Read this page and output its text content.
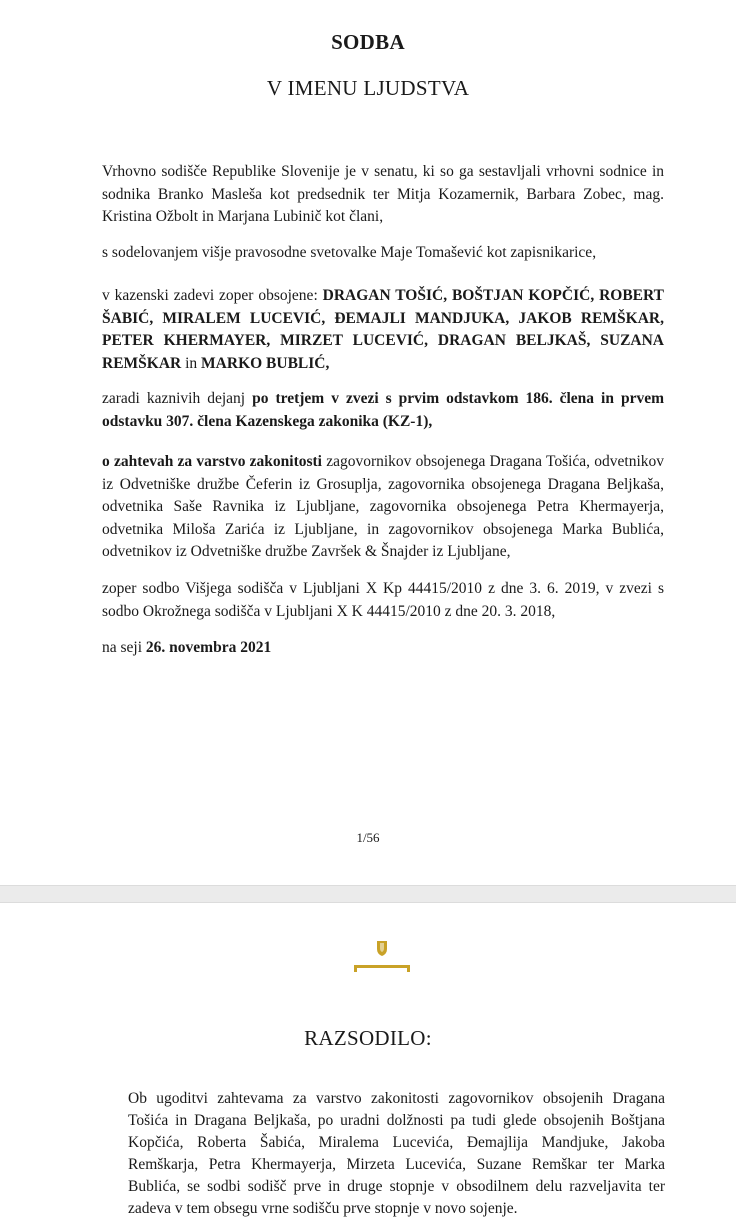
SODBA
V IMENU LJUDSTVA

Vrhovno sodišče Republike Slovenije je v senatu, ki so ga sestavljali vrhovni sodnice in sodnika Branko Masleša kot predsednik ter Mitja Kozamernik, Barbara Zobec, mag. Kristina Ožbolt in Marjana Lubinič kot člani,

s sodelovanjem višje pravosodne svetovalke Maje Tomašević kot zapisnikarice,

v kazenski zadevi zoper obsojene: DRAGAN TOŠIĆ, BOŠTJAN KOPČIĆ, ROBERT ŠABIĆ, MIRALEM LUCEVIĆ, ĐEMAJLI MANDJUKA, JAKOB REMŠKAR, PETER KHERMAYER, MIRZET LUCEVIĆ, DRAGAN BELJKAŠ, SUZANA REMŠKAR in MARKO BUBLIĆ,

zaradi kaznivih dejanj po tretjem v zvezi s prvim odstavkom 186. člena in prvem odstavku 307. člena Kazenskega zakonika (KZ-1),

o zahtevah za varstvo zakonitosti zagovornikov obsojenega Dragana Tošića, odvetnikov iz Odvetniške družbe Čeferin iz Grosuplja, zagovornika obsojenega Dragana Beljkaša, odvetnika Saše Ravnika iz Ljubljane, zagovornika obsojenega Petra Khermayerja, odvetnika Miloša Zarića iz Ljubljane, in zagovornikov obsojenega Marka Bublića, odvetnikov iz Odvetniške družbe Završek & Šnajder iz Ljubljane,

zoper sodbo Višjega sodišča v Ljubljani X Kp 44415/2010 z dne 3. 6. 2019, v zvezi s sodbo Okrožnega sodišča v Ljubljani X K 44415/2010 z dne 20. 3. 2018,

na seji 26. novembra 2021

1/56
RAZSODILO:

Ob ugoditvi zahtevama za varstvo zakonitosti zagovornikov obsojenih Dragana Tošića in Dragana Beljkaša, po uradni dolžnosti pa tudi glede obsojenih Boštjana Kopčića, Roberta Šabića, Miralema Lucevića, Đemajlija Mandjuke, Jakoba Remškarja, Petra Khermayerja, Mirzeta Lucevića, Suzane Remškar ter Marka Bublića, se sodbi sodišč prve in druge stopnje v obsodilnem delu razveljavita ter zadeva v tem obsegu vrne sodišču prve stopnje v novo sojenje.
